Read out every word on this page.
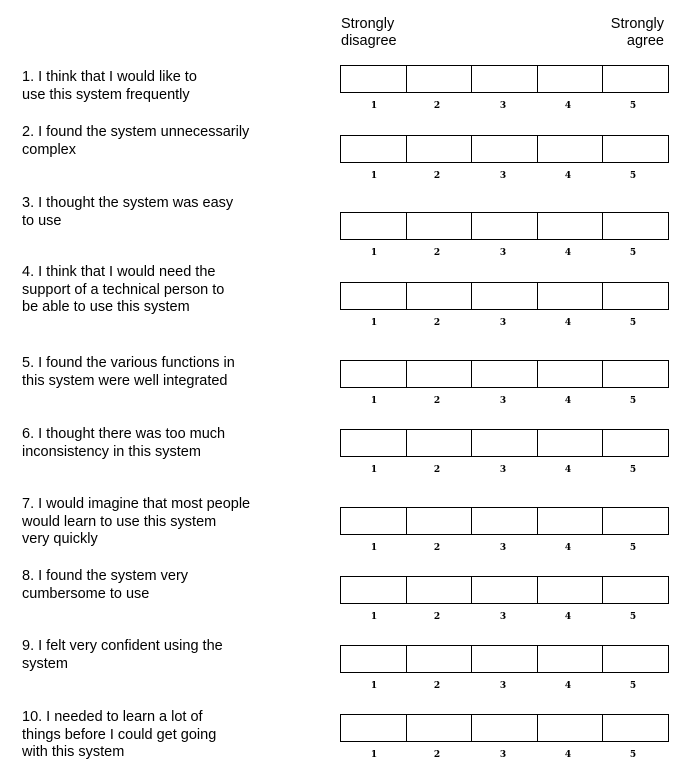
Strongly
disagree
Strongly
agree
1. I think that I would like to
use this system frequently
1	2	3	4	5
2. I found the system unnecessarily
complex
1	2	3	4	5
3. I thought the system was easy
to use
1	2	3	4	5
4. I think that I would need the
support of a technical person to
be able to use this system
1	2	3	4	5
5. I found the various functions in
this system were well integrated
1	2	3	4	5
6. I thought there was too much
inconsistency in this system
1	2	3	4	5
7. I would imagine that most people
would learn to use this system
very quickly
1	2	3	4	5
8. I found the system very
cumbersome to use
1	2	3	4	5
9. I felt very confident using the
system
1	2	3	4	5
10. I needed to learn a lot of
things before I could get going
with this system	1	2	3	4	5
